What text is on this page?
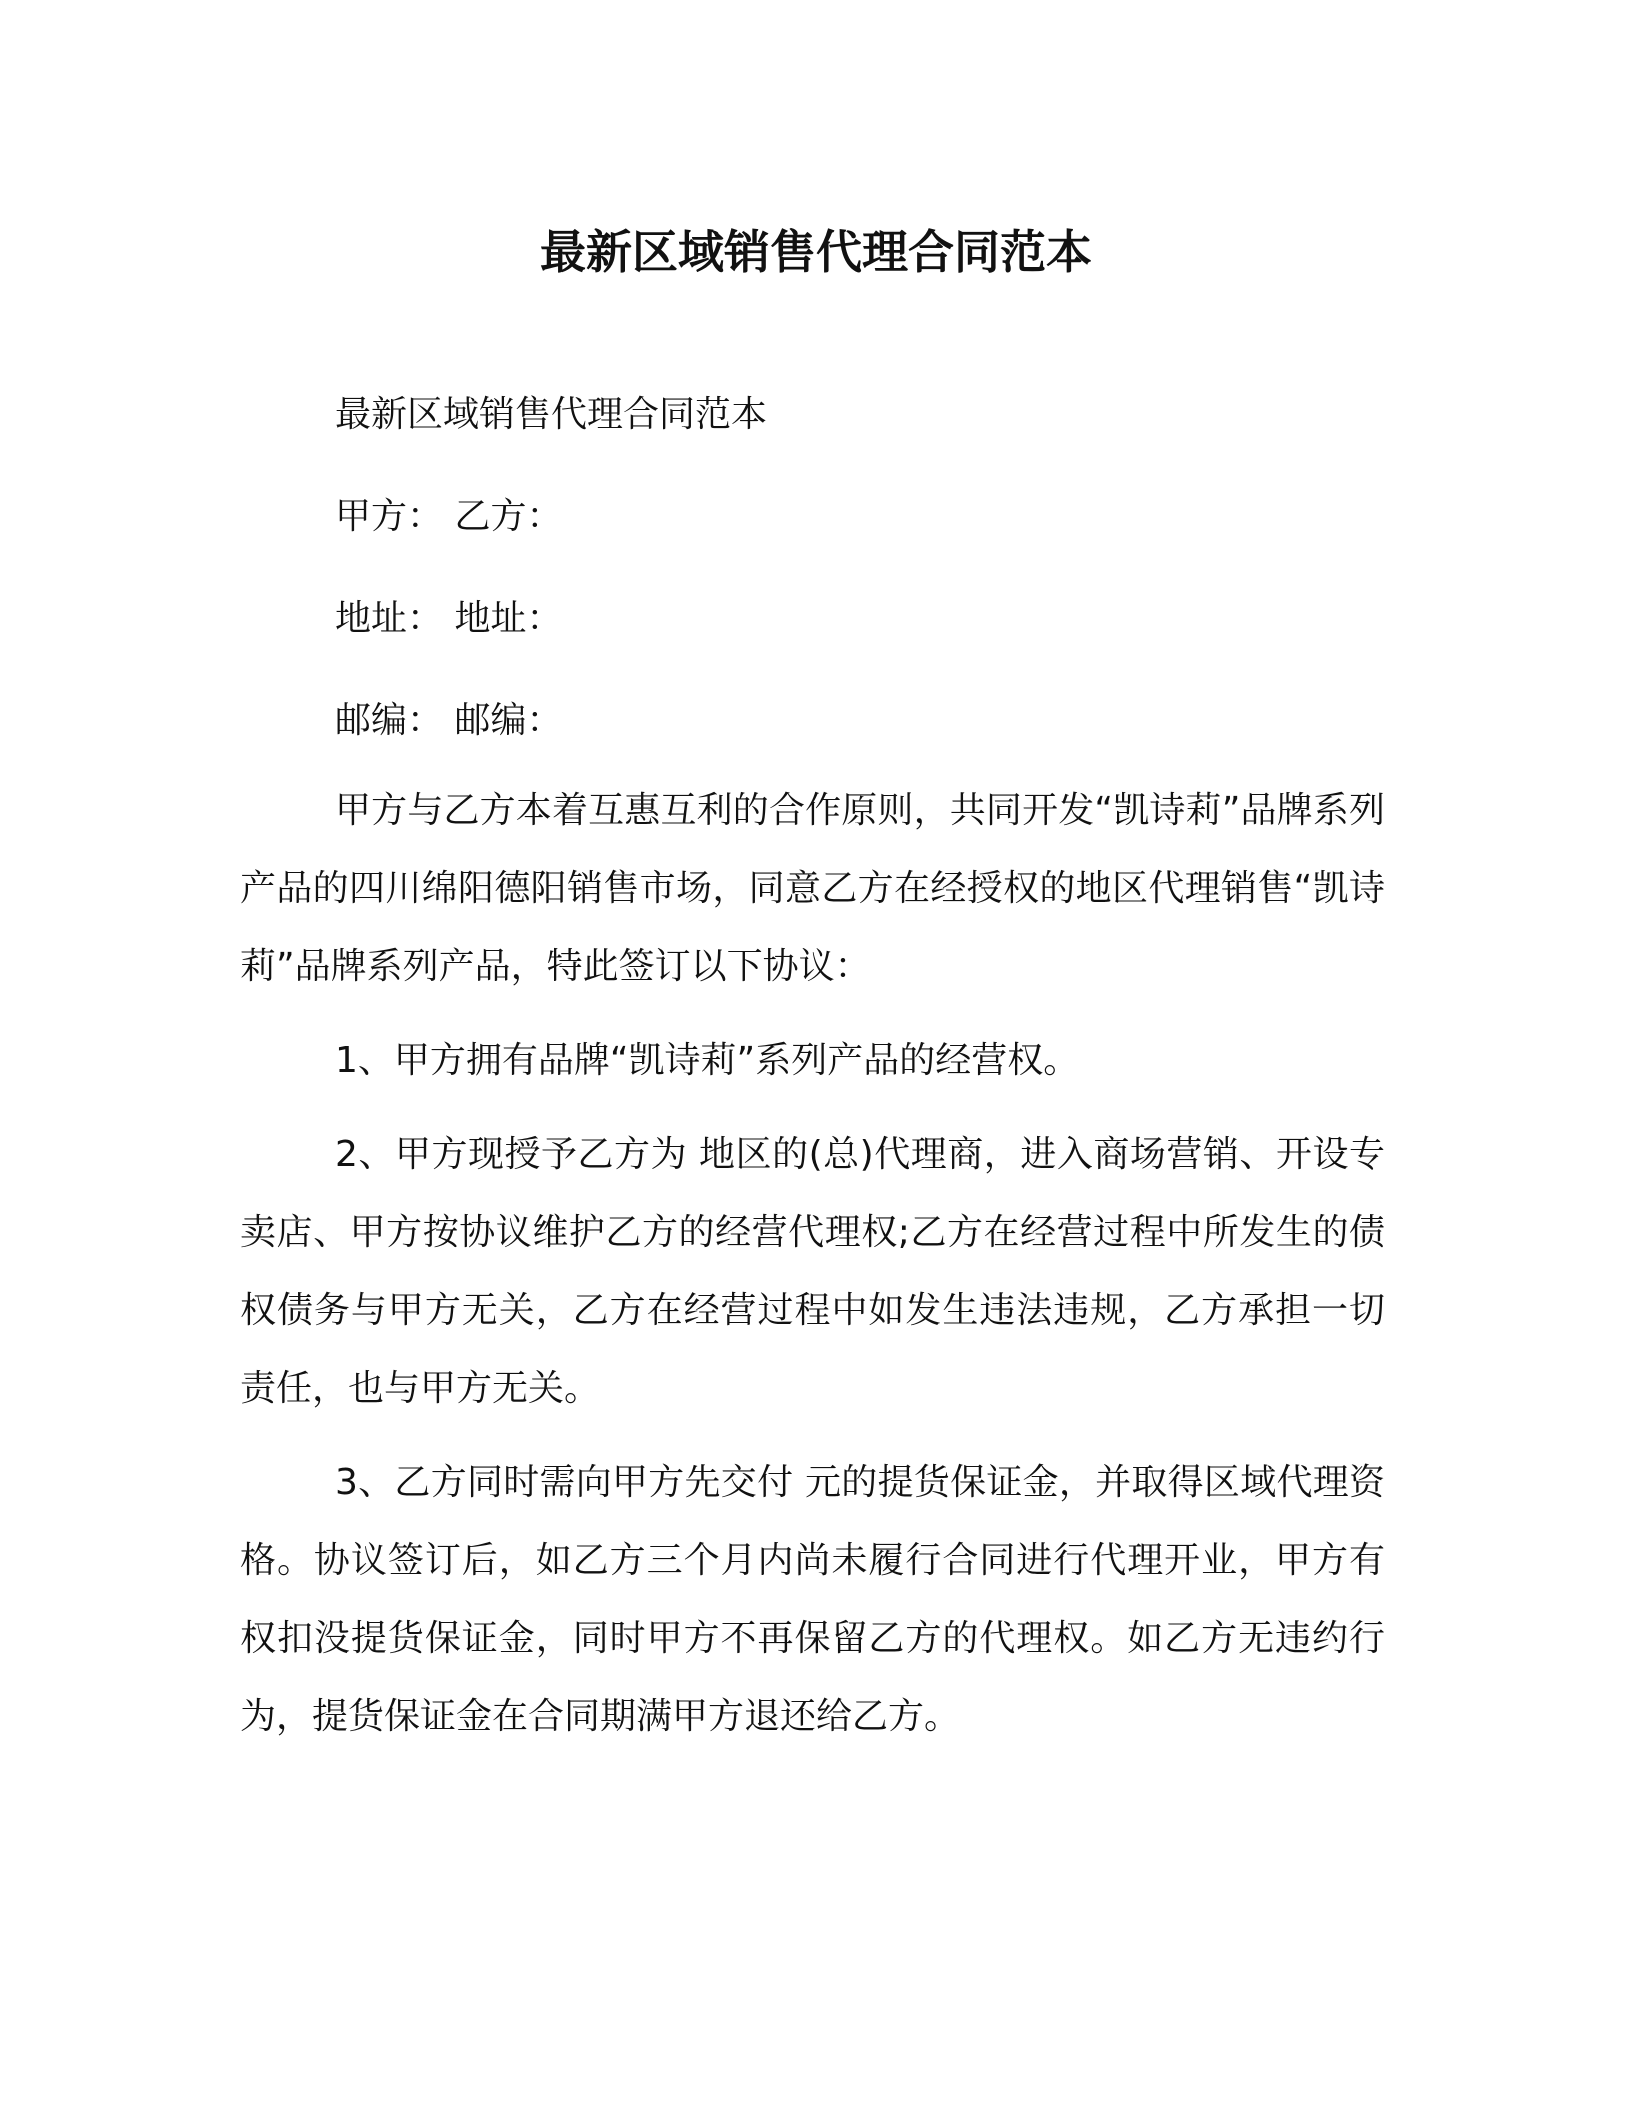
最新区域销售代理合同范本

最新区域销售代理合同范本

甲方： 乙方：

地址： 地址：

邮编： 邮编：

甲方与乙方本着互惠互利的合作原则，共同开发“凯诗莉”品牌系列产品的四川绵阳德阳销售市场，同意乙方在经授权的地区代理销售“凯诗莉”品牌系列产品，特此签订以下协议：

1、甲方拥有品牌“凯诗莉”系列产品的经营权。

2、甲方现授予乙方为 地区的(总)代理商，进入商场营销、开设专卖店、甲方按协议维护乙方的经营代理权;乙方在经营过程中所发生的债权债务与甲方无关，乙方在经营过程中如发生违法违规，乙方承担一切责任，也与甲方无关。

3、乙方同时需向甲方先交付 元的提货保证金，并取得区域代理资格。协议签订后，如乙方三个月内尚未履行合同进行代理开业，甲方有权扣没提货保证金，同时甲方不再保留乙方的代理权。如乙方无违约行为，提货保证金在合同期满甲方退还给乙方。
